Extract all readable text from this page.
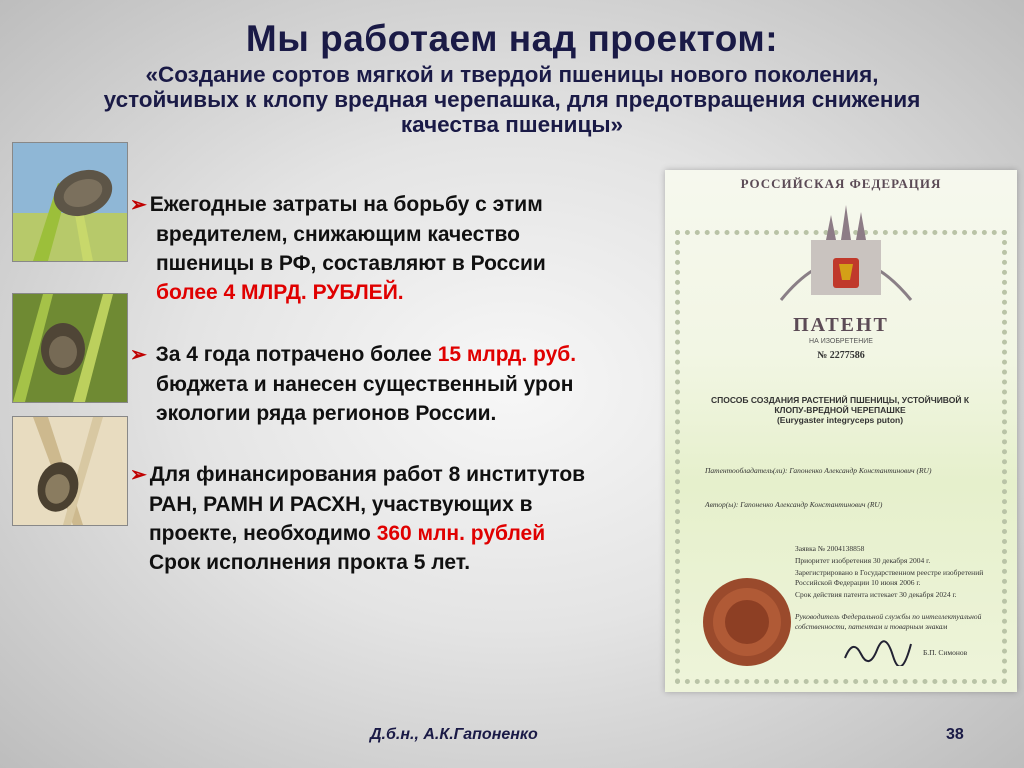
Мы работаем над проектом:
«Создание сортов мягкой и твердой пшеницы нового поколения, устойчивых к клопу вредная черепашка, для предотвращения снижения качества пшеницы»
➢ Ежегодные затраты на борьбу с этим
вредителем, снижающим качество
пшеницы в РФ, составляют в России
более 4 МЛРД. РУБЛЕЙ.
➢ За 4 года потрачено более 15 млрд. руб.
бюджета и нанесен существенный урон
экологии ряда регионов России.
➢ Для финансирования работ 8 институтов
РАН, РАМН И РАСХН, участвующих в
проекте, необходимо 360 млн. рублей
Срок исполнения прокта 5 лет.
РОССИЙСКАЯ ФЕДЕРАЦИЯ
ПАТЕНТ
НА ИЗОБРЕТЕНИЕ
№ 2277586
СПОСОБ СОЗДАНИЯ РАСТЕНИЙ ПШЕНИЦЫ, УСТОЙЧИВОЙ К КЛОПУ-ВРЕДНОЙ ЧЕРЕПАШКЕ
(Eurygaster integryceps puton)
Патентообладатель(ли): Гапоненко Александр Константинович (RU)
Автор(ы): Гапоненко Александр Константинович (RU)
Заявка № 2004138858
Приоритет изобретения 30 декабря 2004 г.
Зарегистрировано в Государственном реестре изобретений Российской Федерации 10 июня 2006 г.
Срок действия патента истекает 30 декабря 2024 г.
Руководитель Федеральной службы по интеллектуальной собственности, патентам и товарным знакам
Б.П. Симонов
Д.б.н., А.К.Гапоненко	38
